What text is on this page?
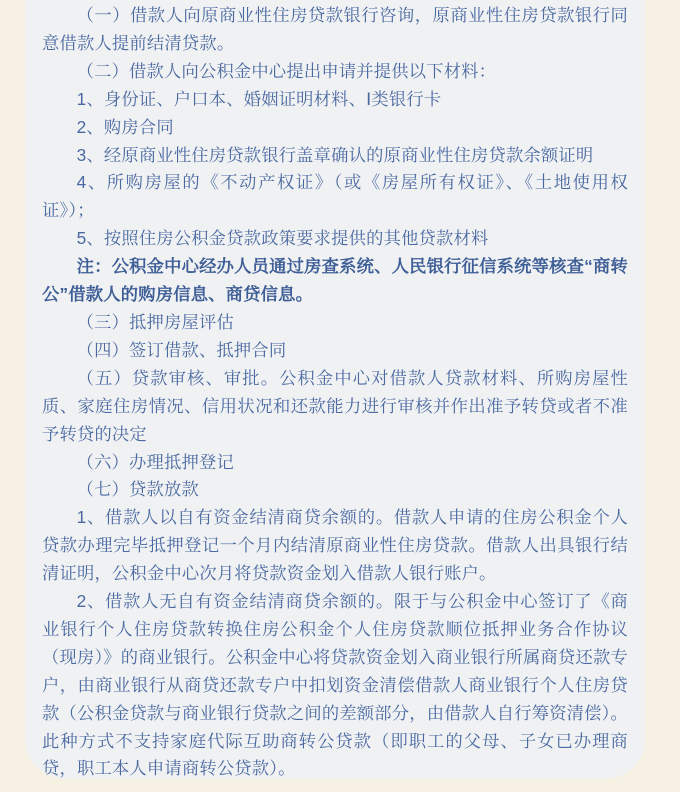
（一）借款人向原商业性住房贷款银行咨询，原商业性住房贷款银行同意借款人提前结清贷款。

（二）借款人向公积金中心提出申请并提供以下材料：

1、身份证、户口本、婚姻证明材料、Ⅰ类银行卡

2、购房合同

3、经原商业性住房贷款银行盖章确认的原商业性住房贷款余额证明

4、所购房屋的《不动产权证》（或《房屋所有权证》、《土地使用权证》）；

5、按照住房公积金贷款政策要求提供的其他贷款材料

注：公积金中心经办人员通过房查系统、人民银行征信系统等核查“商转公”借款人的购房信息、商贷信息。

（三）抵押房屋评估

（四）签订借款、抵押合同

（五）贷款审核、审批。公积金中心对借款人贷款材料、所购房屋性质、家庭住房情况、信用状况和还款能力进行审核并作出准予转贷或者不准予转贷的决定

（六）办理抵押登记

（七）贷款放款

1、借款人以自有资金结清商贷余额的。借款人申请的住房公积金个人贷款办理完毕抵押登记一个月内结清原商业性住房贷款。借款人出具银行结清证明，公积金中心次月将贷款资金划入借款人银行账户。

2、借款人无自有资金结清商贷余额的。限于与公积金中心签订了《商业银行个人住房贷款转换住房公积金个人住房贷款顺位抵押业务合作协议（现房）》的商业银行。公积金中心将贷款资金划入商业银行所属商贷还款专户，由商业银行从商贷还款专户中扣划资金清偿借款人商业银行个人住房贷款（公积金贷款与商业银行贷款之间的差额部分，由借款人自行筹资清偿）。此种方式不支持家庭代际互助商转公贷款（即职工的父母、子女已办理商贷，职工本人申请商转公贷款）。
